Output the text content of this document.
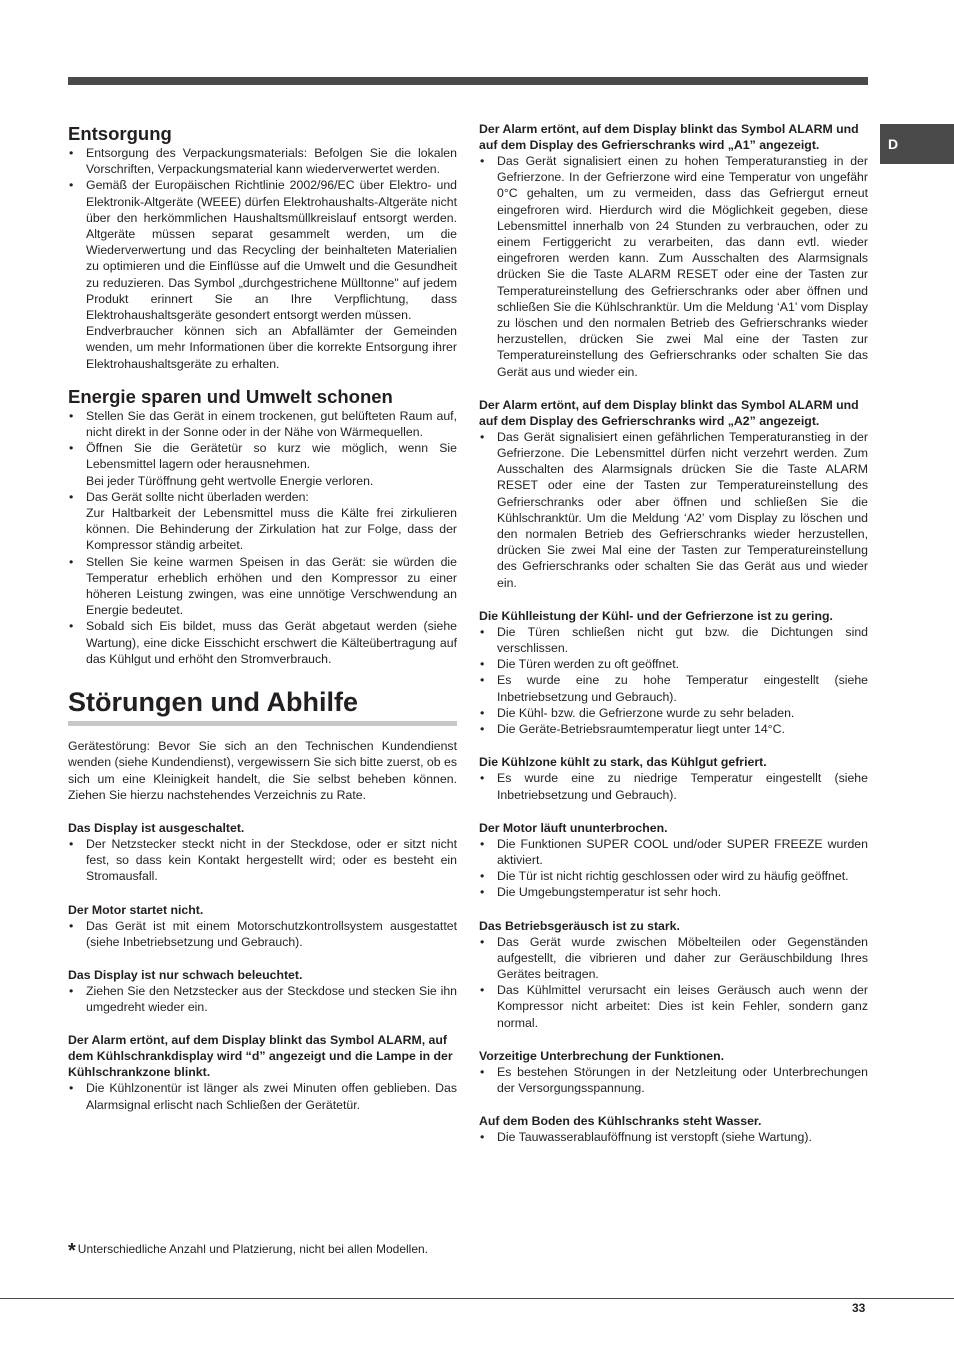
D
Entsorgung
• Entsorgung des Verpackungsmaterials: Befolgen Sie die lokalen Vorschriften, Verpackungsmaterial kann wiederverwertet werden.
• Gemäß der Europäischen Richtlinie 2002/96/EC über Elektro- und Elektronik-Altgeräte (WEEE) dürfen Elektrohaushalts-Altgeräte nicht über den herkömmlichen Haushaltsmüllkreislauf entsorgt werden. Altgeräte müssen separat gesammelt werden, um die Wiederverwertung und das Recycling der beinhalteten Materialien zu optimieren und die Einflüsse auf die Umwelt und die Gesundheit zu reduzieren. Das Symbol „durchgestrichene Mülltonne" auf jedem Produkt erinnert Sie an Ihre Verpflichtung, dass Elektrohaushaltsgeräte gesondert entsorgt werden müssen.
Endverbraucher können sich an Abfallämter der Gemeinden wenden, um mehr Informationen über die korrekte Entsorgung ihrer Elektrohaushaltsgeräte zu erhalten.
Energie sparen und Umwelt schonen
• Stellen Sie das Gerät in einem trockenen, gut belüfteten Raum auf, nicht direkt in der Sonne oder in der Nähe von Wärmequellen.
• Öffnen Sie die Gerätetür so kurz wie möglich, wenn Sie Lebensmittel lagern oder herausnehmen.
Bei jeder Türöffnung geht wertvolle Energie verloren.
• Das Gerät sollte nicht überladen werden:
Zur Haltbarkeit der Lebensmittel muss die Kälte frei zirkulieren können. Die Behinderung der Zirkulation hat zur Folge, dass der Kompressor ständig arbeitet.
• Stellen Sie keine warmen Speisen in das Gerät: sie würden die Temperatur erheblich erhöhen und den Kompressor zu einer höheren Leistung zwingen, was eine unnötige Verschwendung an Energie bedeutet.
• Sobald sich Eis bildet, muss das Gerät abgetaut werden (siehe Wartung), eine dicke Eisschicht erschwert die Kälteübertragung auf das Kühlgut und erhöht den Stromverbrauch.
Störungen und Abhilfe

Gerätestörung: Bevor Sie sich an den Technischen Kundendienst wenden (siehe Kundendienst), vergewissern Sie sich bitte zuerst, ob es sich um eine Kleinigkeit handelt, die Sie selbst beheben können. Ziehen Sie hierzu nachstehendes Verzeichnis zu Rate.

Das Display ist ausgeschaltet.

• Der Netzstecker steckt nicht in der Steckdose, oder er sitzt nicht fest, so dass kein Kontakt hergestellt wird; oder es besteht ein Stromausfall.

Der Motor startet nicht.

• Das Gerät ist mit einem Motorschutzkontrollsystem ausgestattet (siehe Inbetriebsetzung und Gebrauch).

Das Display ist nur schwach beleuchtet.

• Ziehen Sie den Netzstecker aus der Steckdose und stecken Sie ihn umgedreht wieder ein.

Der Alarm ertönt, auf dem Display blinkt das Symbol ALARM, auf dem Kühlschrankdisplay wird “d” angezeigt und die Lampe in der Kühlschrankzone blinkt.

• Die Kühlzonentür ist länger als zwei Minuten offen geblieben. Das Alarmsignal erlischt nach Schließen der Gerätetür.

Der Alarm ertönt, auf dem Display blinkt das Symbol ALARM und auf dem Display des Gefrierschranks wird „A1” angezeigt.

• Das Gerät signalisiert einen zu hohen Temperaturanstieg in der Gefrierzone. In der Gefrierzone wird eine Temperatur von ungefähr 0°C gehalten, um zu vermeiden, dass das Gefriergut erneut eingefroren wird. Hierdurch wird die Möglichkeit gegeben, diese Lebensmittel innerhalb von 24 Stunden zu verbrauchen, oder zu einem Fertiggericht zu verarbeiten, das dann evtl. wieder eingefroren werden kann. Zum Ausschalten des Alarmsignals drücken Sie die Taste ALARM RESET oder eine der Tasten zur Temperatureinstellung des Gefrierschranks oder aber öffnen und schließen Sie die Kühlschranktür. Um die Meldung ‘A1’ vom Display zu löschen und den normalen Betrieb des Gefrierschranks wieder herzustellen, drücken Sie zwei Mal eine der Tasten zur Temperatureinstellung des Gefrierschranks oder schalten Sie das Gerät aus und wieder ein.

Der Alarm ertönt, auf dem Display blinkt das Symbol ALARM und auf dem Display des Gefrierschranks wird „A2” angezeigt.

• Das Gerät signalisiert einen gefährlichen Temperaturanstieg in der Gefrierzone. Die Lebensmittel dürfen nicht verzehrt werden. Zum Ausschalten des Alarmsignals drücken Sie die Taste ALARM RESET oder eine der Tasten zur Temperatureinstellung des Gefrierschranks oder aber öffnen und schließen Sie die Kühlschranktür. Um die Meldung ‘A2’ vom Display zu löschen und den normalen Betrieb des Gefrierschranks wieder herzustellen, drücken Sie zwei Mal eine der Tasten zur Temperatureinstellung des Gefrierschranks oder schalten Sie das Gerät aus und wieder ein.

Die Kühlleistung der Kühl- und der Gefrierzone ist zu gering.

• Die Türen schließen nicht gut bzw. die Dichtungen sind verschlissen.
• Die Türen werden zu oft geöffnet.
• Es wurde eine zu hohe Temperatur eingestellt (siehe Inbetriebsetzung und Gebrauch).
• Die Kühl- bzw. die Gefrierzone wurde zu sehr beladen.
• Die Geräte-Betriebsraumtemperatur liegt unter 14°C.

Die Kühlzone kühlt zu stark, das Kühlgut gefriert.

• Es wurde eine zu niedrige Temperatur eingestellt (siehe Inbetriebsetzung und Gebrauch).

Der Motor läuft ununterbrochen.

• Die Funktionen SUPER COOL und/oder SUPER FREEZE wurden aktiviert.
• Die Tür ist nicht richtig geschlossen oder wird zu häufig geöffnet.
• Die Umgebungstemperatur ist sehr hoch.

Das Betriebsgeräusch ist zu stark.

• Das Gerät wurde zwischen Möbelteilen oder Gegenständen aufgestellt, die vibrieren und daher zur Geräuschbildung Ihres Gerätes beitragen.
• Das Kühlmittel verursacht ein leises Geräusch auch wenn der Kompressor nicht arbeitet: Dies ist kein Fehler, sondern ganz normal.

Vorzeitige Unterbrechung der Funktionen.

• Es bestehen Störungen in der Netzleitung oder Unterbrechungen der Versorgungsspannung.

Auf dem Boden des Kühlschranks steht Wasser.

• Die Tauwasserablauföffnung ist verstopft (siehe Wartung).
* Unterschiedliche Anzahl und Platzierung, nicht bei allen Modellen.
33
